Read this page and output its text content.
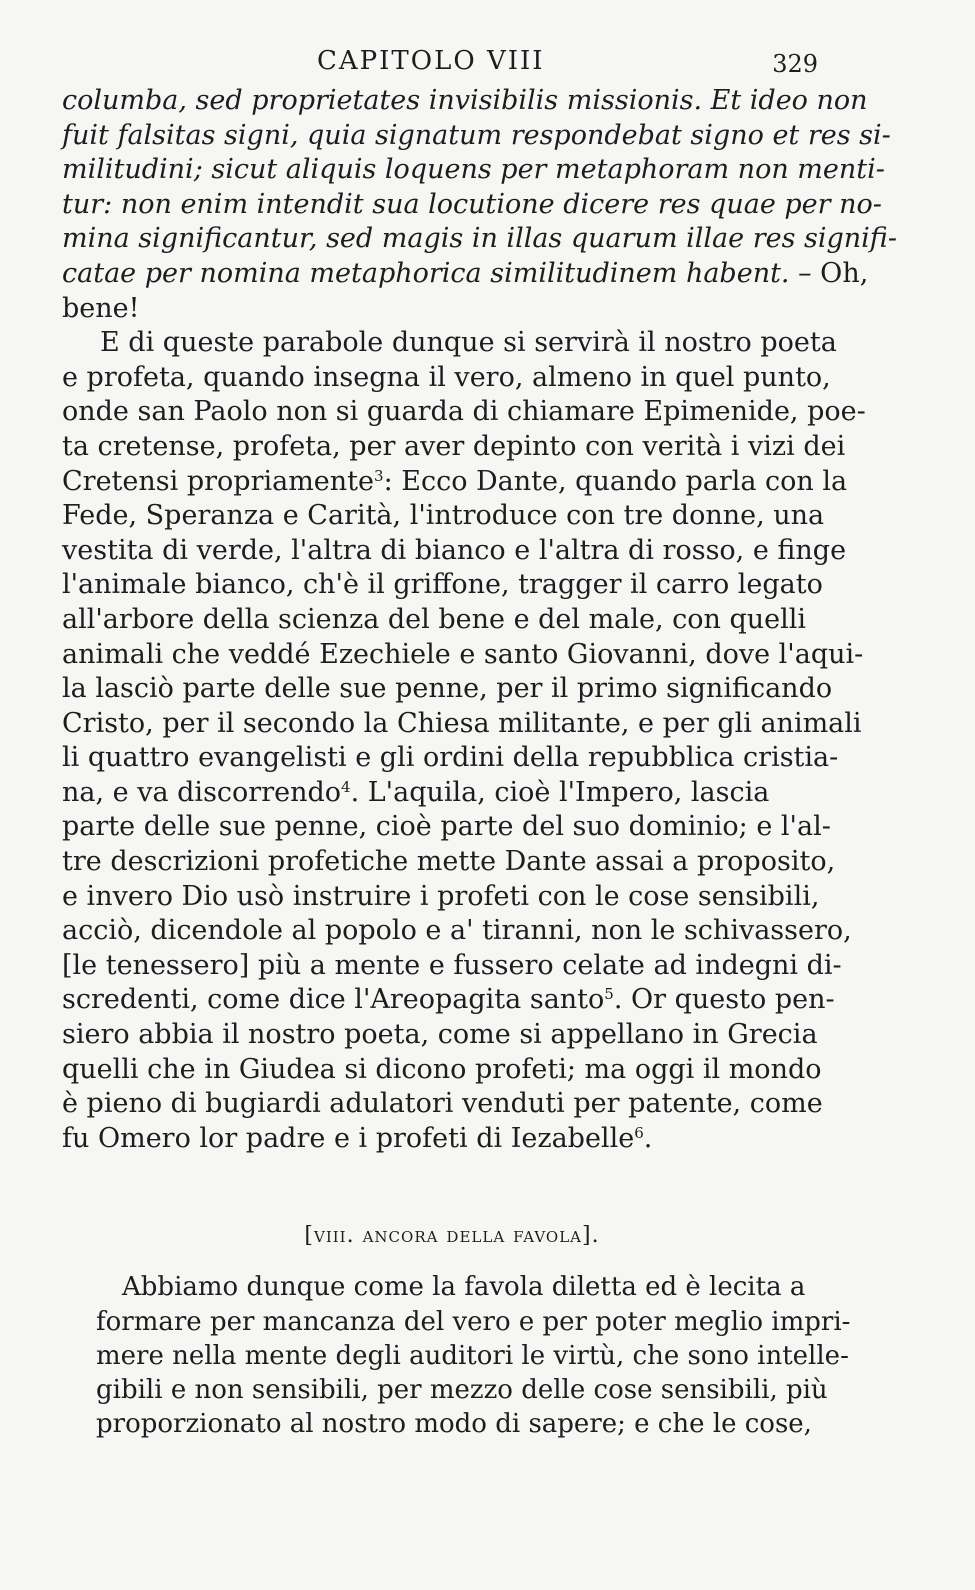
CAPITOLO VIII	329
columba, sed proprietates invisibilis missionis. Et ideo non
fuit falsitas signi, quia signatum respondebat signo et res si-
militudini; sicut aliquis loquens per metaphoram non menti-
tur: non enim intendit sua locutione dicere res quae per no-
mina significantur, sed magis in illas quarum illae res signifi-
catae per nomina metaphorica similitudinem habent. – Oh,
bene!
E di queste parabole dunque si servirà il nostro poeta
e profeta, quando insegna il vero, almeno in quel punto,
onde san Paolo non si guarda di chiamare Epimenide, poe-
ta cretense, profeta, per aver depinto con verità i vizi dei
Cretensi propriamente$^3$: Ecco Dante, quando parla con la
Fede, Speranza e Carità, l'introduce con tre donne, una
vestita di verde, l'altra di bianco e l'altra di rosso, e finge
l'animale bianco, ch'è il griffone, tragger il carro legato
all'arbore della scienza del bene e del male, con quelli
animali che veddé Ezechiele e santo Giovanni, dove l'aqui-
la lasciò parte delle sue penne, per il primo significando
Cristo, per il secondo la Chiesa militante, e per gli animali
li quattro evangelisti e gli ordini della repubblica cristia-
na, e va discorrendo$^4$. L'aquila, cioè l'Impero, lascia
parte delle sue penne, cioè parte del suo dominio; e l'al-
tre descrizioni profetiche mette Dante assai a proposito,
e invero Dio usò instruire i profeti con le cose sensibili,
acciò, dicendole al popolo e a' tiranni, non le schivassero,
[le tenessero] più a mente e fussero celate ad indegni di-
scredenti, come dice l'Areopagita santo$^5$. Or questo pen-
siero abbia il nostro poeta, come si appellano in Grecia
quelli che in Giudea si dicono profeti; ma oggi il mondo
è pieno di bugiardi adulatori venduti per patente, come
fu Omero lor padre e i profeti di Iezabelle$^6$.
[viii. ancora della favola].
Abbiamo dunque come la favola diletta ed è lecita a
formare per mancanza del vero e per poter meglio impri-
mere nella mente degli auditori le virtù, che sono intelle-
gibili e non sensibili, per mezzo delle cose sensibili, più
proporzionato al nostro modo di sapere; e che le cose,
